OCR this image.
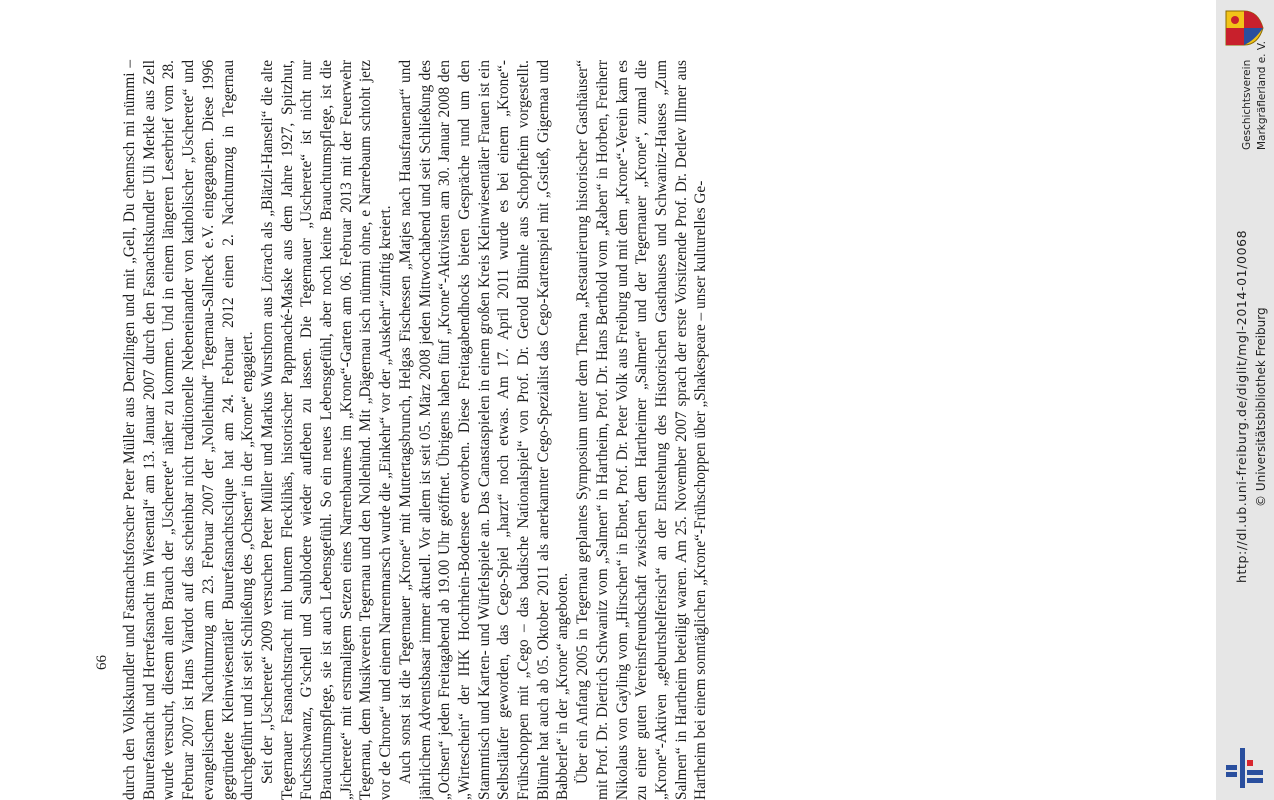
durch den Volkskundler und Fastnachtsforscher Peter Müller aus Denzlingen und mit „Gell, Du chennsch mi nümmi – Buurefasnacht und Herrefasnacht im Wiesental“ am 13. Januar 2007 durch den Fasnachtskundler Uli Merkle aus Zell wurde versucht, diesem alten Brauch der „Uscherete“ näher zu kommen. Und in einem längeren Leserbrief vom 28. Februar 2007 ist Hans Viardot auf das scheinbar nicht traditionelle Nebeneinander von katholischer „Uscherete“ und evangelischem Nachtumzug am 23. Februar 2007 der „Nollehünd“ Tegernau-Sallneck e.V. eingegangen. Diese 1996 gegründete Kleinwiesentäler Buurefasnachtsclique hat am 24. Februar 2012 einen 2. Nachtumzug in Tegernau durchgeführt und ist seit Schließung des „Ochsen“ in der „Krone“ engagiert. Seit der „Uscherete“ 2009 versuchen Peter Müller und Markus Wursthorn aus Lörrach als „Blätzli-Hanseli“ die alte Tegernauer Fasnachtstracht mit buntem Flecklihäs, historischer Pappmaché-Maske aus dem Jahre 1927, Spitzhut, Fuchsschwanz, G’schell und Saublodere wieder aufleben zu lassen. Die Tegernauer „Uscherete“ ist nicht nur Brauchtumspflege, sie ist auch Lebensgefühl. So ein neues Lebensgefühl, aber noch keine Brauchtumspflege, ist die „Jicherete“ mit erstmaligem Setzen eines Narrenbaumes im „Krone“-Garten am 06. Februar 2013 mit der Feuerwehr Tegernau, dem Musikverein Tegernau und den Nollehünd. Mit „Dägernau isch nümmi ohne, e Narrebaum schtoht jetz vor de Chrone“ und einem Narrenmarsch wurde die „Einkehr“ vor der „Auskehr“ zünftig kreiert. Auch sonst ist die Tegernauer „Krone“ mit Muttertagsbrunch, Helgas Fischessen „Matjes nach Hausfrauenart“ und jährlichem Adventsbasar immer aktuell. Vor allem ist seit 05. März 2008 jeden Mittwochabend und seit Schließung des „Ochsen“ jeden Freitagabend ab 19.00 Uhr geöffnet. Übrigens haben fünf „Krone“-Aktivisten am 30. Januar 2008 den „Wirteschein“ der IHK Hochrhein-Bodensee erworben. Diese Freitagabendhocks bieten Gespräche rund um den Stammtisch und Karten- und Würfelspiele an. Das Canastaspielen in einem großen Kreis Kleinwiesentäler Frauen ist ein Selbstläufer geworden, das Cego-Spiel „harzt“ noch etwas. Am 17. April 2011 wurde es bei einem „Krone“-Frühschoppen mit „Cego – das badische Nationalspiel“ von Prof. Dr. Gerold Blümle aus Schopfheim vorgestellt. Blümle hat auch ab 05. Oktober 2011 als anerkannter Cego-Spezialist das Cego-Kartenspiel mit „Gstieß, Gigemaa und Babberle“ in der „Krone“ angeboten. Über ein Anfang 2005 in Tegernau geplantes Symposium unter dem Thema „Restaurierung historischer Gasthäuser“ mit Prof. Dr. Dietrich Schwanitz vom „Salmen“ in Hartheim, Prof. Dr. Hans Berthold vom „Raben“ in Horben, Freiherr Nikolaus von Gayling vom „Hirschen“ in Ebnet, Prof. Dr. Peter Volk aus Freiburg und mit dem „Krone“-Verein kam es zu einer guten Vereinsfreundschaft zwischen dem Hartheimer „Salmen“ und der Tegernauer „Krone“, zumal die „Krone“-Aktiven „geburtshelferisch“ an der Entstehung des Historischen Gasthauses und Schwanitz-Hauses „Zum Salmen“ in Hartheim beteiligt waren. Am 25. November 2007 sprach der erste Vorsitzende Prof. Dr. Detlev Illmer aus Hartheim bei einem sonntäglichen „Krone“-Frühschoppen über „Shakespeare – unser kulturelles Ge-

66
Geschichtsverein Markgräflerland e. V.
http://dl.ub.uni-freiburg.de/diglit/mgl-2014-01/0068 © Universitätsbibliothek Freiburg
